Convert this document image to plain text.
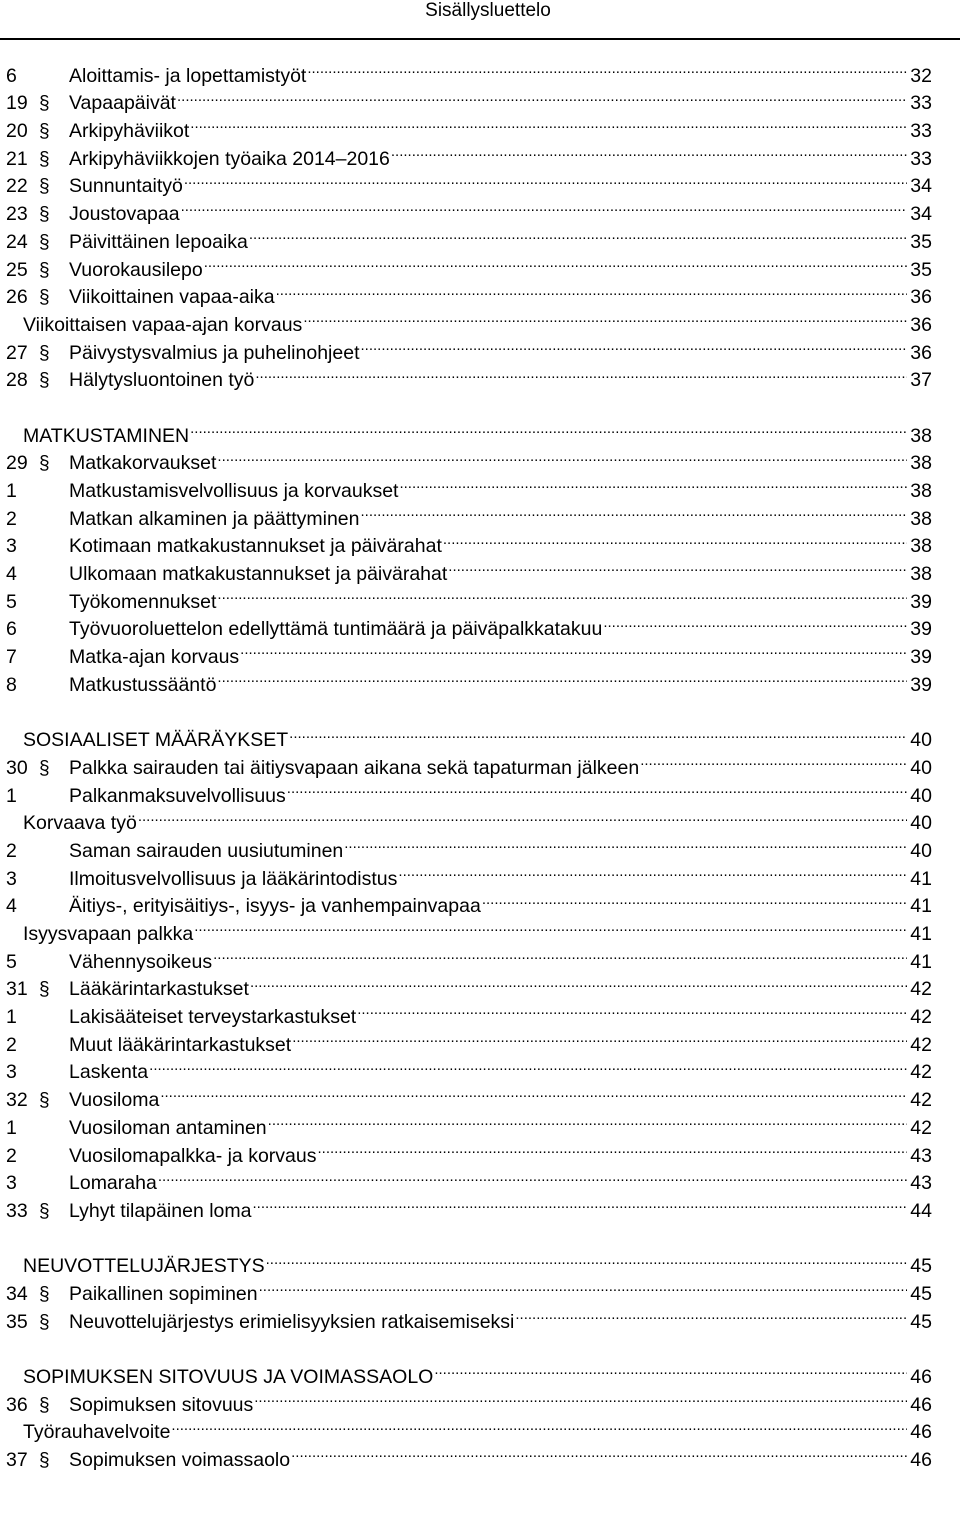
Sisällysluettelo
6	Aloittamis- ja lopettamistyöt .....	32
19 § Vapaapäivät .....	33
20 § Arkipyhäviikot .....	33
21 § Arkipyhäviikkojen työaika 2014–2016 .....	33
22 § Sunnuntaityö .....	34
23 § Joustovapaa .....	34
24 § Päivittäinen lepoaika .....	35
25 § Vuorokausilepo .....	35
26 § Viikoittainen vapaa-aika .....	36
Viikoittaisen vapaa-ajan korvaus .....	36
27 § Päivystysvalmius ja puhelinohjeet .....	36
28 § Hälytysluontoinen työ .....	37
MATKUSTAMINEN .....	38
29 § Matkakorvaukset .....	38
1	Matkustamisvelvollisuus ja korvaukset .....	38
2	Matkan alkaminen ja päättyminen .....	38
3	Kotimaan matkakustannukset ja päivärahat .....	38
4	Ulkomaan matkakustannukset ja päivärahat .....	38
5	Työkomennukset .....	39
6	Työvuoroluettelon edellyttämä tuntimäärä ja päiväpalkkatakuu .....	39
7	Matka-ajan korvaus .....	39
8	Matkustussääntö .....	39
SOSIAALISET MÄÄRÄYKSET .....	40
30 § Palkka sairauden tai äitiysvapaan aikana sekä tapaturman jälkeen .....	40
1	Palkanmaksuvelvollisuus .....	40
Korvaava työ .....	40
2	Saman sairauden uusiutuminen .....	40
3	Ilmoitusvelvollisuus ja lääkärintodistus .....	41
4	Äitiys-, erityisäitiys-, isyys- ja vanhempainvapaa .....	41
Isyysvapaan palkka .....	41
5	Vähennysoikeus .....	41
31 § Lääkärintarkastukset .....	42
1	Lakisääteiset terveystarkastukset .....	42
2	Muut lääkärintarkastukset .....	42
3	Laskenta .....	42
32 § Vuosiloma .....	42
1	Vuosiloman antaminen .....	42
2	Vuosilomapalkka- ja korvaus .....	43
3	Lomaraha .....	43
33 § Lyhyt tilapäinen loma .....	44
NEUVOTTELUJÄRJESTYS .....	45
34 § Paikallinen sopiminen .....	45
35 § Neuvottelujärjestys erimielisyyksien ratkaisemiseksi .....	45
SOPIMUKSEN SITOVUUS JA VOIMASSAOLO .....	46
36 § Sopimuksen sitovuus .....	46
Työrauhavelvoite .....	46
37 § Sopimuksen voimassaolo .....	46
